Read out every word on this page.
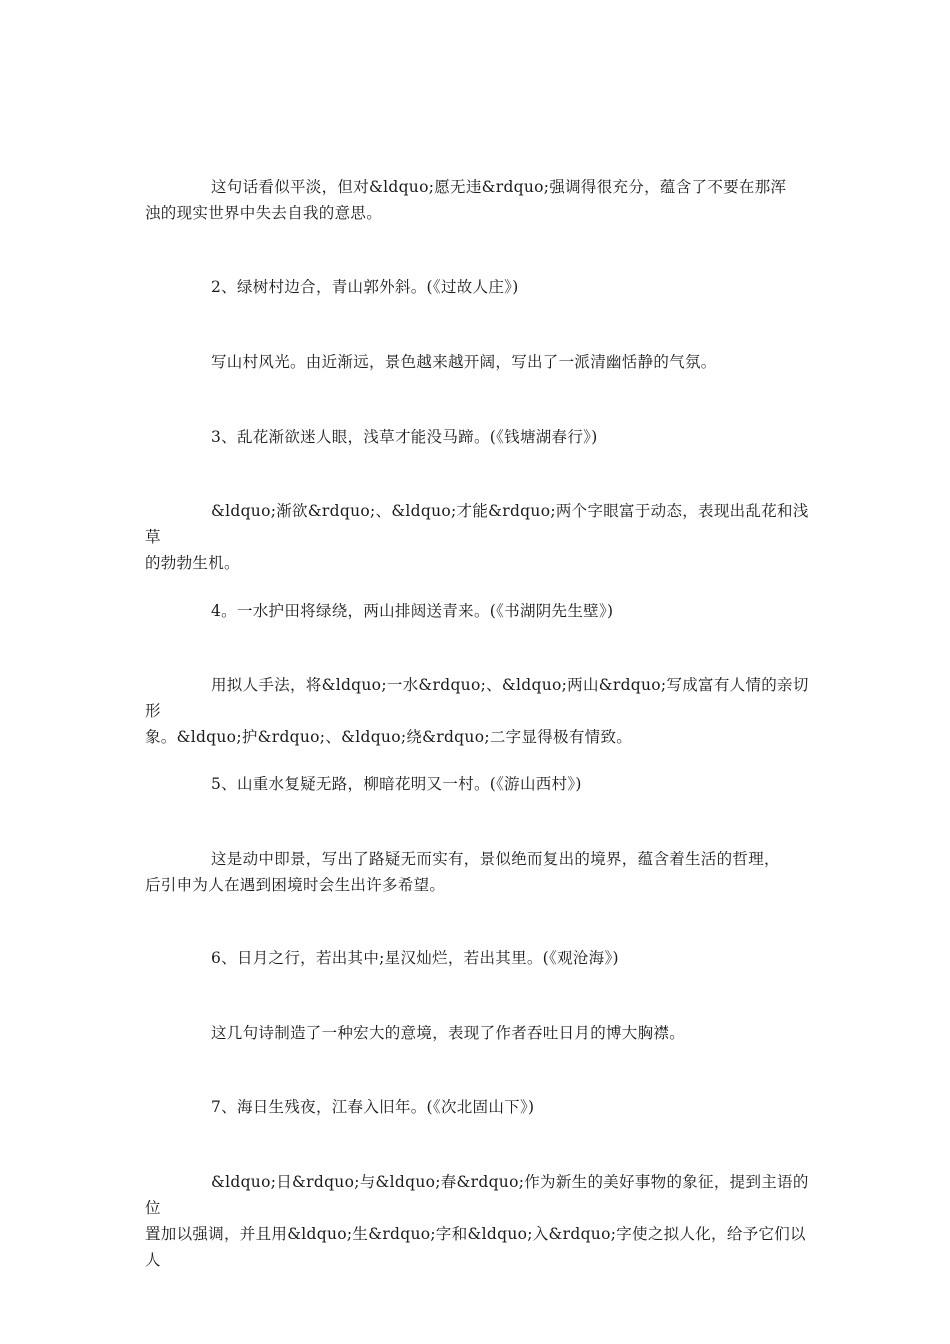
这句话看似平淡，但对&ldquo;愿无违&rdquo;强调得很充分，蕴含了不要在那浑
浊的现实世界中失去自我的意思。

2、绿树村边合，青山郭外斜。(《过故人庄》)

写山村风光。由近渐远，景色越来越开阔，写出了一派清幽恬静的气氛。

3、乱花渐欲迷人眼，浅草才能没马蹄。(《钱塘湖春行》)

&ldquo;渐欲&rdquo;、&ldquo;才能&rdquo;两个字眼富于动态，表现出乱花和浅草
的勃勃生机。

4。一水护田将绿绕，两山排闼送青来。(《书湖阴先生壁》)

用拟人手法，将&ldquo;一水&rdquo;、&ldquo;两山&rdquo;写成富有人情的亲切形
象。&ldquo;护&rdquo;、&ldquo;绕&rdquo;二字显得极有情致。

5、山重水复疑无路，柳暗花明又一村。(《游山西村》)

这是动中即景，写出了路疑无而实有，景似绝而复出的境界，蕴含着生活的哲理，
后引申为人在遇到困境时会生出许多希望。

6、日月之行，若出其中;星汉灿烂，若出其里。(《观沧海》)

这几句诗制造了一种宏大的意境，表现了作者吞吐日月的博大胸襟。

7、海日生残夜，江春入旧年。(《次北固山下》)

&ldquo;日&rdquo;与&ldquo;春&rdquo;作为新生的美好事物的象征，提到主语的位
置加以强调，并且用&ldquo;生&rdquo;字和&ldquo;入&rdquo;字使之拟人化，给予它们以人
